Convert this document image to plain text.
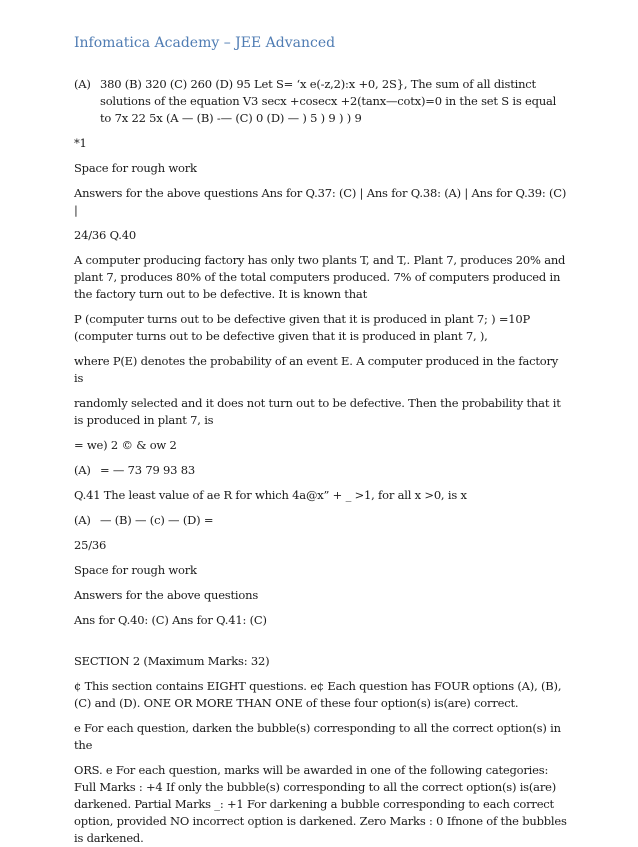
Infomatica Academy – JEE Advanced
(A) 380 (B) 320 (C) 260 (D) 95 Let S= ‘x e(-z,2):x +0, 2S}, The sum of all distinct solutions of the equation V3 secx +cosecx +2(tanx—cotx)=0 in the set S is equal to 7x 22 5x (A — (B) -— (C) 0 (D) — ) 5 ) 9 ) ) 9

*1

Space for rough work

Answers for the above questions Ans for Q.37: (C) | Ans for Q.38: (A) | Ans for Q.39: (C) |

24/36 Q.40

A computer producing factory has only two plants T, and T,. Plant 7, produces 20% and plant 7, produces 80% of the total computers produced. 7% of computers produced in the factory turn out to be defective. It is known that

P (computer turns out to be defective given that it is produced in plant 7; ) =10P (computer turns out to be defective given that it is produced in plant 7, ),

where P(E) denotes the probability of an event E. A computer produced in the factory is

randomly selected and it does not turn out to be defective. Then the probability that it is produced in plant 7, is

= we) 2 © & ow 2

(A) = — 73 79 93 83

Q.41 The least value of ae R for which 4a@x” + _ >1, for all x >0, is x

(A) — (B) — (c) — (D) =

25/36

Space for rough work

Answers for the above questions

Ans for Q.40: (C) Ans for Q.41: (C)

SECTION 2 (Maximum Marks: 32)

¢ This section contains EIGHT questions. e¢ Each question has FOUR options (A), (B), (C) and (D). ONE OR MORE THAN ONE of these four option(s) is(are) correct.

e For each question, darken the bubble(s) corresponding to all the correct option(s) in the

ORS. e For each question, marks will be awarded in one of the following categories: Full Marks : +4 If only the bubble(s) corresponding to all the correct option(s) is(are) darkened. Partial Marks _: +1 For darkening a bubble corresponding to each correct option, provided NO incorrect option is darkened. Zero Marks : 0 Ifnone of the bubbles is darkened.
